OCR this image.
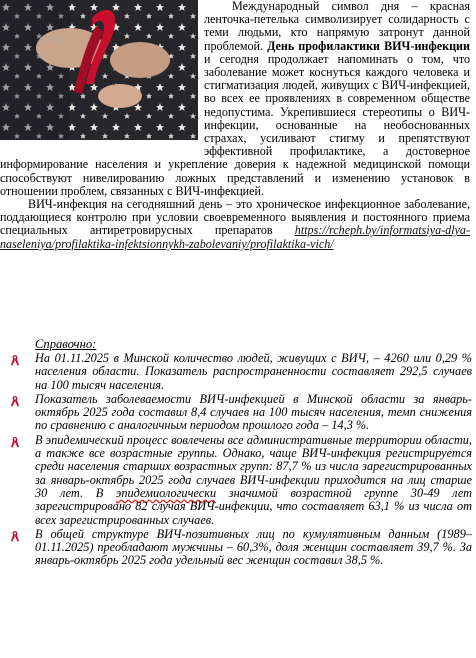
Международный символ дня – красная ленточка-петелька символизирует солидарность с теми людьми, кто напрямую затронут данной проблемой. День профилактики ВИЧ-инфекции и сегодня продолжает напоминать о том, что заболевание может коснуться каждого человека и стигматизация людей, живущих с ВИЧ-инфекцией, во всех ее проявлениях в современном обществе недопустима. Укрепившиеся стереотипы о ВИЧ-инфекции, основанные на необоснованных страхах, усиливают стигму и препятствуют эффективной профилактике, а достоверное информирование населения и укрепление доверия к надежной медицинской помощи способствуют нивелированию ложных представлений и изменению установок в отношении проблем, связанных с ВИЧ-инфекцией.

ВИЧ-инфекция на сегодняшний день – это хроническое инфекционное заболевание, поддающиеся контролю при условии своевременного выявления и постоянного приема специальных антиретровирусных препаратов https://rcheph.by/informatsiya-dlya-naseleniya/profilaktika-infektsionnykh-zabolevaniy/profilaktika-vich/

Справочно:
На 01.11.2025 в Минской количество людей, живущих с ВИЧ, – 4260 или 0,29 % населения области. Показатель распространенности составляет 292,5 случаев на 100 тысяч населения.
Показатель заболеваемости ВИЧ-инфекцией в Минской области за январь-октябрь 2025 года составил 8,4 случаев на 100 тысяч населения, темп снижения по сравнению с аналогичным периодом прошлого года – 14,3 %.
В эпидемический процесс вовлечены все административные территории области, а также все возрастные группы. Однако, чаще ВИЧ-инфекция регистрируется среди населения старших возрастных групп: 87,7 % из числа зарегистрированных за январь-октябрь 2025 года случаев ВИЧ-инфекции приходится на лиц старше 30 лет. В эпидемиологически значимой возрастной группе 30-49 лет зарегистрировано 82 случая ВИЧ-инфекции, что составляет 63,1 % из числа от всех зарегистрированных случаев.
В общей структуре ВИЧ-позитивных лиц по кумулятивным данным (1989–01.11.2025) преобладают мужчины – 60,3%, доля женщин составляет 39,7 %. За январь-октябрь 2025 года удельный вес женщин составил 38,5 %.
